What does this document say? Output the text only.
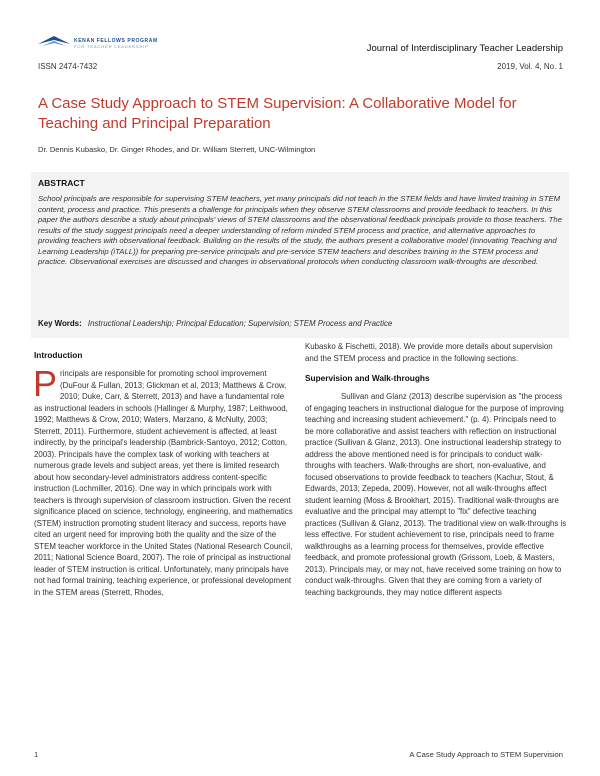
KENAN FELLOWS PROGRAM
FOR TEACHER LEADERSHIP	Journal of Interdisciplinary Teacher Leadership
ISSN 2474-7432	2019, Vol. 4, No. 1
A Case Study Approach to STEM Supervision: A Collaborative Model for Teaching and Principal Preparation
Dr. Dennis Kubasko, Dr. Ginger Rhodes, and Dr. William Sterrett, UNC-Wilmington
ABSTRACT
School principals are responsible for supervising STEM teachers, yet many principals did not teach in the STEM fields and have limited training in STEM content, process and practice. This presents a challenge for principals when they observe STEM classrooms and provide feedback to teachers. In this paper the authors describe a study about principals' views of STEM classrooms and the observational feedback principals provide to those teachers. The results of the study suggest principals need a deeper understanding of reform minded STEM process and practice, and alternative approaches to providing teachers with observational feedback. Building on the results of the study, the authors present a collaborative model (Innovating Teaching and Learning Leadership (iTALL)) for preparing pre-service principals and pre-service STEM teachers and describes training in the STEM process and practice. Observational exercises are discussed and changes in observational protocols when conducting classroom walk-throughs are described.
Key Words: Instructional Leadership; Principal Education; Supervision; STEM Process and Practice
Introduction
Principals are responsible for promoting school improvement (DuFour & Fullan, 2013; Glickman et al, 2013; Matthews & Crow, 2010; Duke, Carr, & Sterrett, 2013) and have a fundamental role as instructional leaders in schools (Hallinger & Murphy, 1987; Leithwood, 1992; Matthews & Crow, 2010; Waters, Marzano, & McNulty, 2003; Sterrett, 2011). Furthermore, student achievement is affected, at least indirectly, by the principal's leadership (Bambrick-Santoyo, 2012; Cotton, 2003). Principals have the complex task of working with teachers at numerous grade levels and subject areas, yet there is limited research about how secondary-level administrators address content-specific instruction (Lochmiller, 2016). One way in which principals work with teachers is through supervision of classroom instruction. Given the recent significance placed on science, technology, engineering, and mathematics (STEM) instruction promoting student literacy and success, reports have cited an urgent need for improving both the quality and the size of the STEM teacher workforce in the United States (National Research Council, 2011; National Science Board, 2007). The role of principal as instructional leader of STEM instruction is critical. Unfortunately, many principals have not had formal training, teaching experience, or professional development in the STEM areas (Sterrett, Rhodes,
Kubasko & Fischetti, 2018). We provide more details about supervision and the STEM process and practice in the following sections.
Supervision and Walk-throughs
Sullivan and Glanz (2013) describe supervision as "the process of engaging teachers in instructional dialogue for the purpose of improving teaching and increasing student achievement." (p. 4). Principals need to be more collaborative and assist teachers with reflection on instructional practice (Sullivan & Glanz, 2013). One instructional leadership strategy to address the above mentioned need is for principals to conduct walk-throughs with teachers. Walk-throughs are short, non-evaluative, and focused observations to provide feedback to teachers (Kachur, Stout, & Edwards, 2013; Zepeda, 2009). However, not all walk-throughs affect student learning (Moss & Brookhart, 2015). Traditional walk-throughs are evaluative and the principal may attempt to "fix" defective teaching practices (Sullivan & Glanz, 2013). The traditional view on walk-throughs is less effective. For student achievement to rise, principals need to frame walkthroughs as a learning process for themselves, provide effective feedback, and promote professional growth (Grissom, Loeb, & Masters, 2013). Principals may, or may not, have received some training on how to conduct walk-throughs. Given that they are coming from a variety of teaching backgrounds, they may notice different aspects
1	A Case Study Approach to STEM Supervision
